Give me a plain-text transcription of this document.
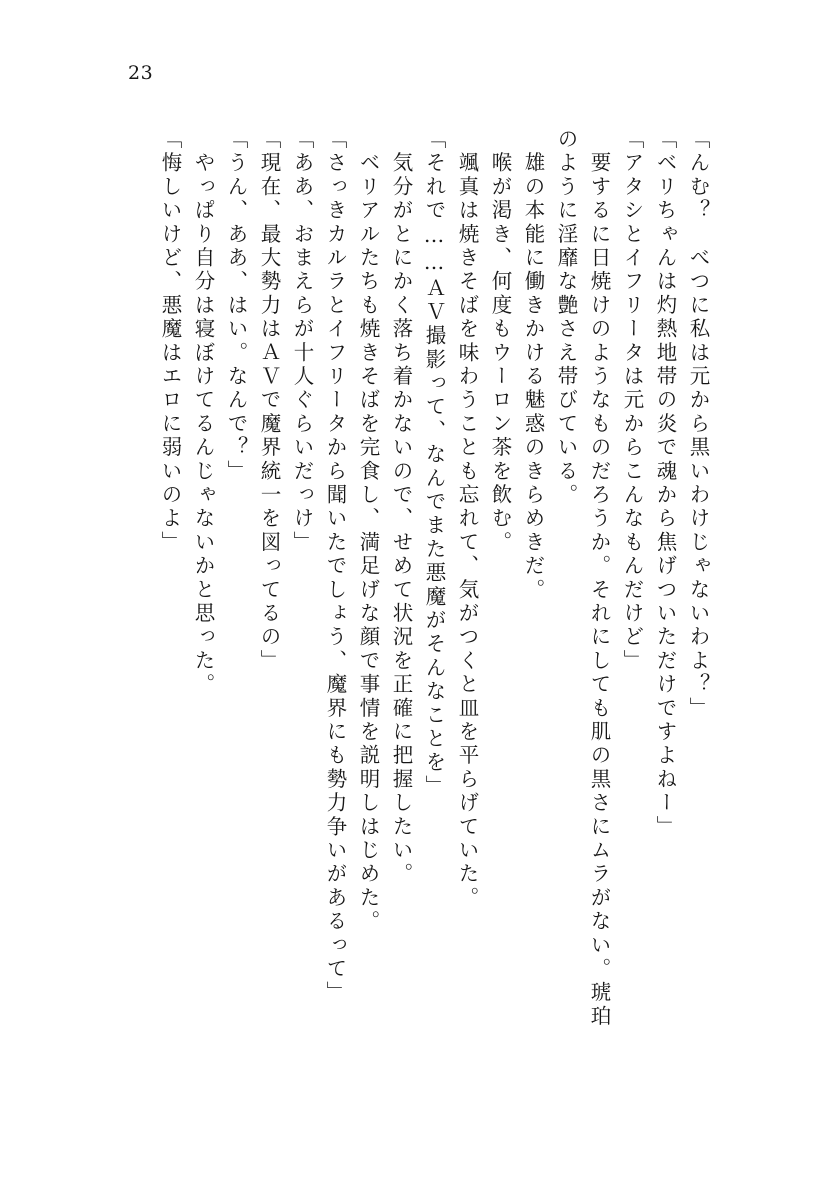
23
「んむ？　べつに私は元から黒いわけじゃないわよ？」
「ベリちゃんは灼熱地帯の炎で魂から焦げついただけですよねー」
「アタシとイフリータは元からこんなもんだけど」
　要するに日焼けのようなものだろうか。それにしても肌の黒さにムラがない。琥珀
のように淫靡な艶さえ帯びている。
　雄の本能に働きかける魅惑のきらめきだ。
　喉が渇き、何度もウーロン茶を飲む。
　颯真は焼きそばを味わうことも忘れて、気がつくと皿を平らげていた。
「それで……ＡＶ撮影って、なんでまた悪魔がそんなことを」
　気分がとにかく落ち着かないので、せめて状況を正確に把握したい。
　ベリアルたちも焼きそばを完食し、満足げな顔で事情を説明しはじめた。
「さっきカルラとイフリータから聞いたでしょう、魔界にも勢力争いがあるって」
「ああ、おまえらが十人ぐらいだっけ」
「現在、最大勢力はＡＶで魔界統一を図ってるの」
「うん、ああ、はい。なんで？」
　やっぱり自分は寝ぼけてるんじゃないかと思った。
「悔しいけど、悪魔はエロに弱いのよ」
